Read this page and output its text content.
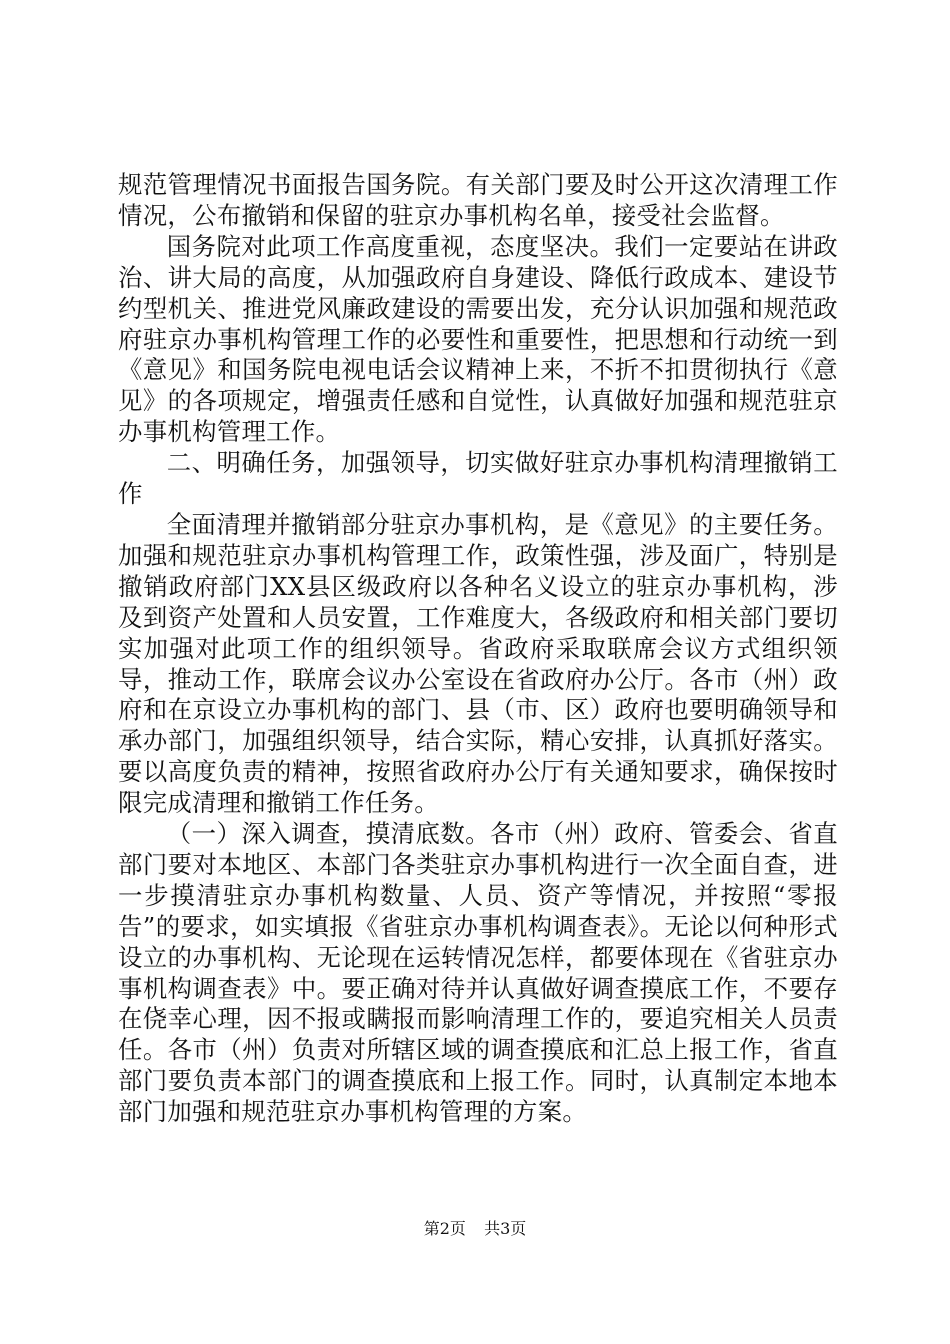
规范管理情况书面报告国务院。有关部门要及时公开这次清理工作情况，公布撤销和保留的驻京办事机构名单，接受社会监督。

国务院对此项工作高度重视，态度坚决。我们一定要站在讲政治、讲大局的高度，从加强政府自身建设、降低行政成本、建设节约型机关、推进党风廉政建设的需要出发，充分认识加强和规范政府驻京办事机构管理工作的必要性和重要性，把思想和行动统一到《意见》和国务院电视电话会议精神上来，不折不扣贯彻执行《意见》的各项规定，增强责任感和自觉性，认真做好加强和规范驻京办事机构管理工作。

二、明确任务，加强领导，切实做好驻京办事机构清理撤销工作

全面清理并撤销部分驻京办事机构，是《意见》的主要任务。加强和规范驻京办事机构管理工作，政策性强，涉及面广，特别是撤销政府部门XX县区级政府以各种名义设立的驻京办事机构，涉及到资产处置和人员安置，工作难度大，各级政府和相关部门要切实加强对此项工作的组织领导。省政府采取联席会议方式组织领导，推动工作，联席会议办公室设在省政府办公厅。各市（州）政府和在京设立办事机构的部门、县（市、区）政府也要明确领导和承办部门，加强组织领导，结合实际，精心安排，认真抓好落实。要以高度负责的精神，按照省政府办公厅有关通知要求，确保按时限完成清理和撤销工作任务。

（一）深入调查，摸清底数。各市（州）政府、管委会、省直部门要对本地区、本部门各类驻京办事机构进行一次全面自查，进一步摸清驻京办事机构数量、人员、资产等情况，并按照“零报告”的要求，如实填报《省驻京办事机构调查表》。无论以何种形式设立的办事机构、无论现在运转情况怎样，都要体现在《省驻京办事机构调查表》中。要正确对待并认真做好调查摸底工作，不要存在侥幸心理，因不报或瞒报而影响清理工作的，要追究相关人员责任。各市（州）负责对所辖区域的调查摸底和汇总上报工作，省直部门要负责本部门的调查摸底和上报工作。同时，认真制定本地本部门加强和规范驻京办事机构管理的方案。

第2页 共3页
